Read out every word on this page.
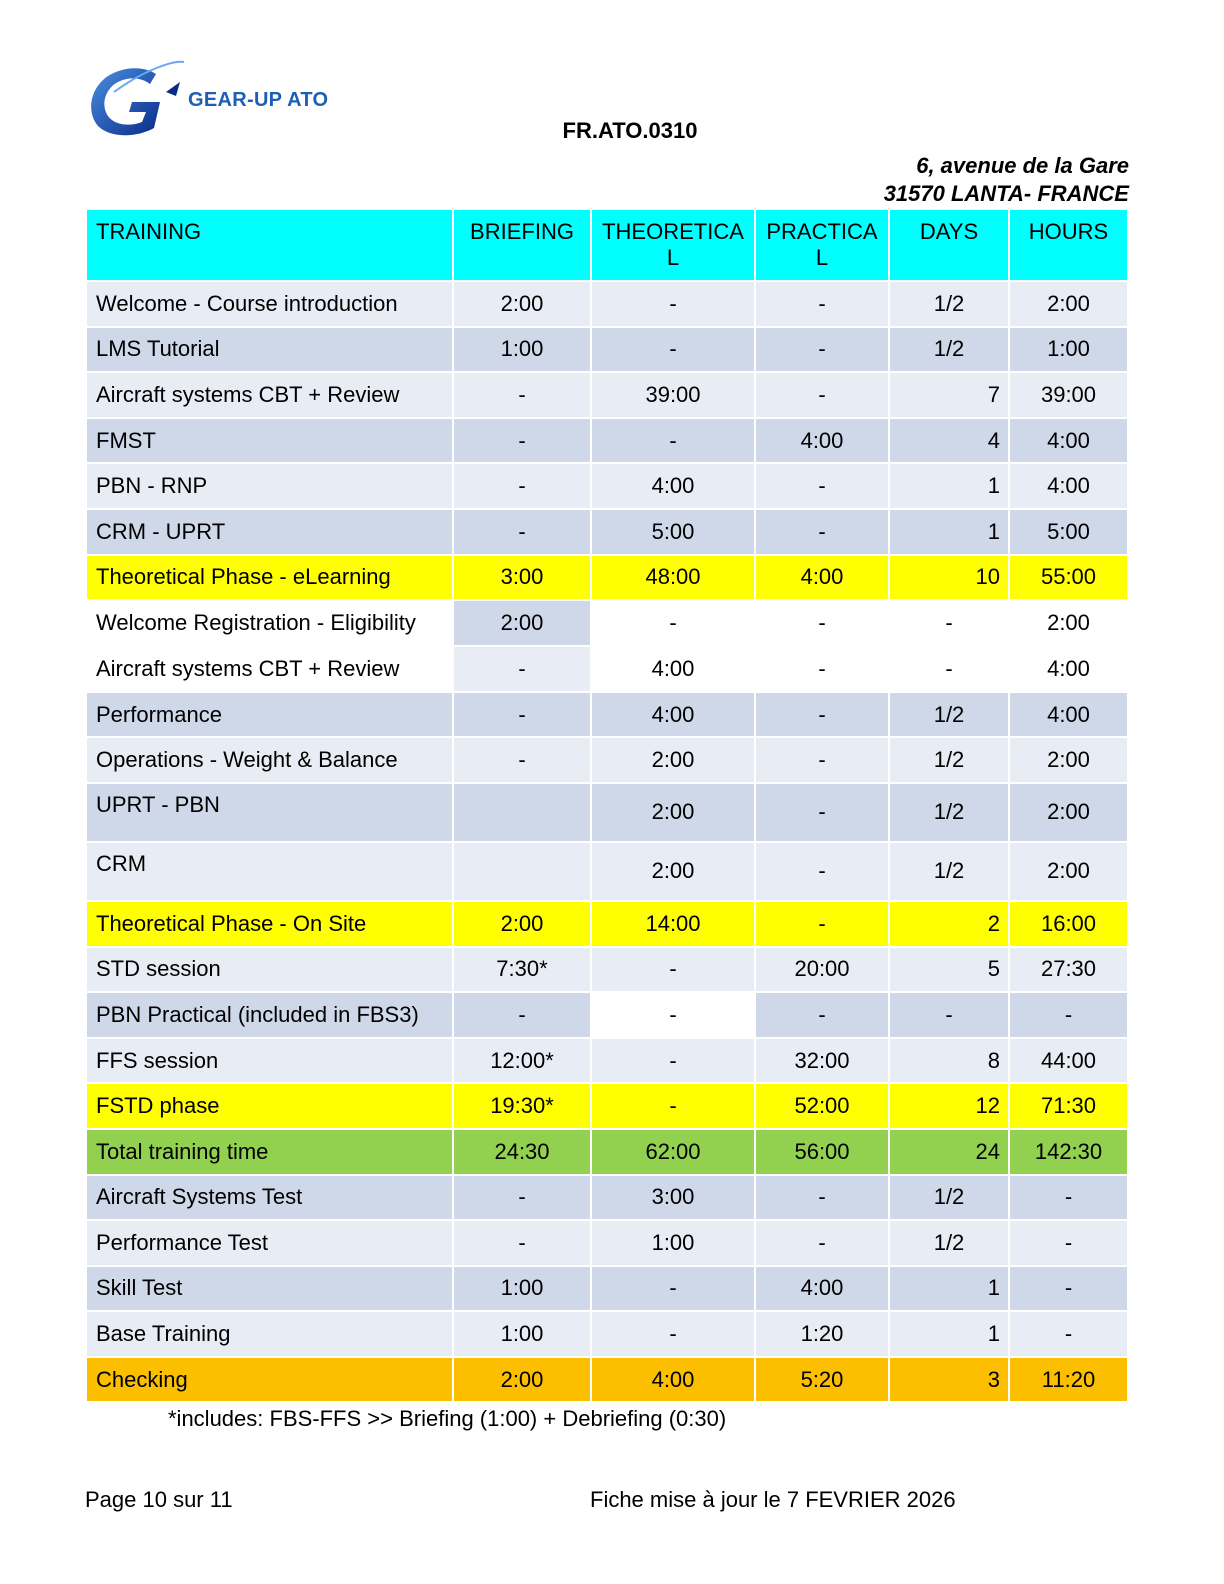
GEAR-UP ATO
FR.ATO.0310
6, avenue de la Gare
31570 LANTA- FRANCE
TRAINING	BRIEFING	THEORETICAL	PRACTICAL	DAYS	HOURS
Welcome - Course introduction	2:00	-	-	1/2	2:00
LMS Tutorial	1:00	-	-	1/2	1:00
Aircraft systems CBT + Review	-	39:00	-	7	39:00
FMST	-	-	4:00	4	4:00
PBN - RNP	-	4:00	-	1	4:00
CRM - UPRT	-	5:00	-	1	5:00
Theoretical Phase - eLearning	3:00	48:00	4:00	10	55:00
Welcome Registration - Eligibility	2:00	-	-	-	2:00
Aircraft systems CBT + Review	-	4:00	-	-	4:00
Performance	-	4:00	-	1/2	4:00
Operations - Weight & Balance	-	2:00	-	1/2	2:00
UPRT - PBN		2:00	-	1/2	2:00
CRM		2:00	-	1/2	2:00
Theoretical Phase - On Site	2:00	14:00	-	2	16:00
STD session	7:30*	-	20:00	5	27:30
PBN Practical (included in FBS3)	-	-	-	-	-
FFS session	12:00*	-	32:00	8	44:00
FSTD phase	19:30*	-	52:00	12	71:30
Total training time	24:30	62:00	56:00	24	142:30
Aircraft Systems Test	-	3:00	-	1/2	-
Performance Test	-	1:00	-	1/2	-
Skill Test	1:00	-	4:00	1	-
Base Training	1:00	-	1:20	1	-
Checking	2:00	4:00	5:20	3	11:20
*includes: FBS-FFS >> Briefing (1:00) + Debriefing (0:30)
Page 10 sur 11	Fiche mise à jour le 7 FEVRIER 2026
